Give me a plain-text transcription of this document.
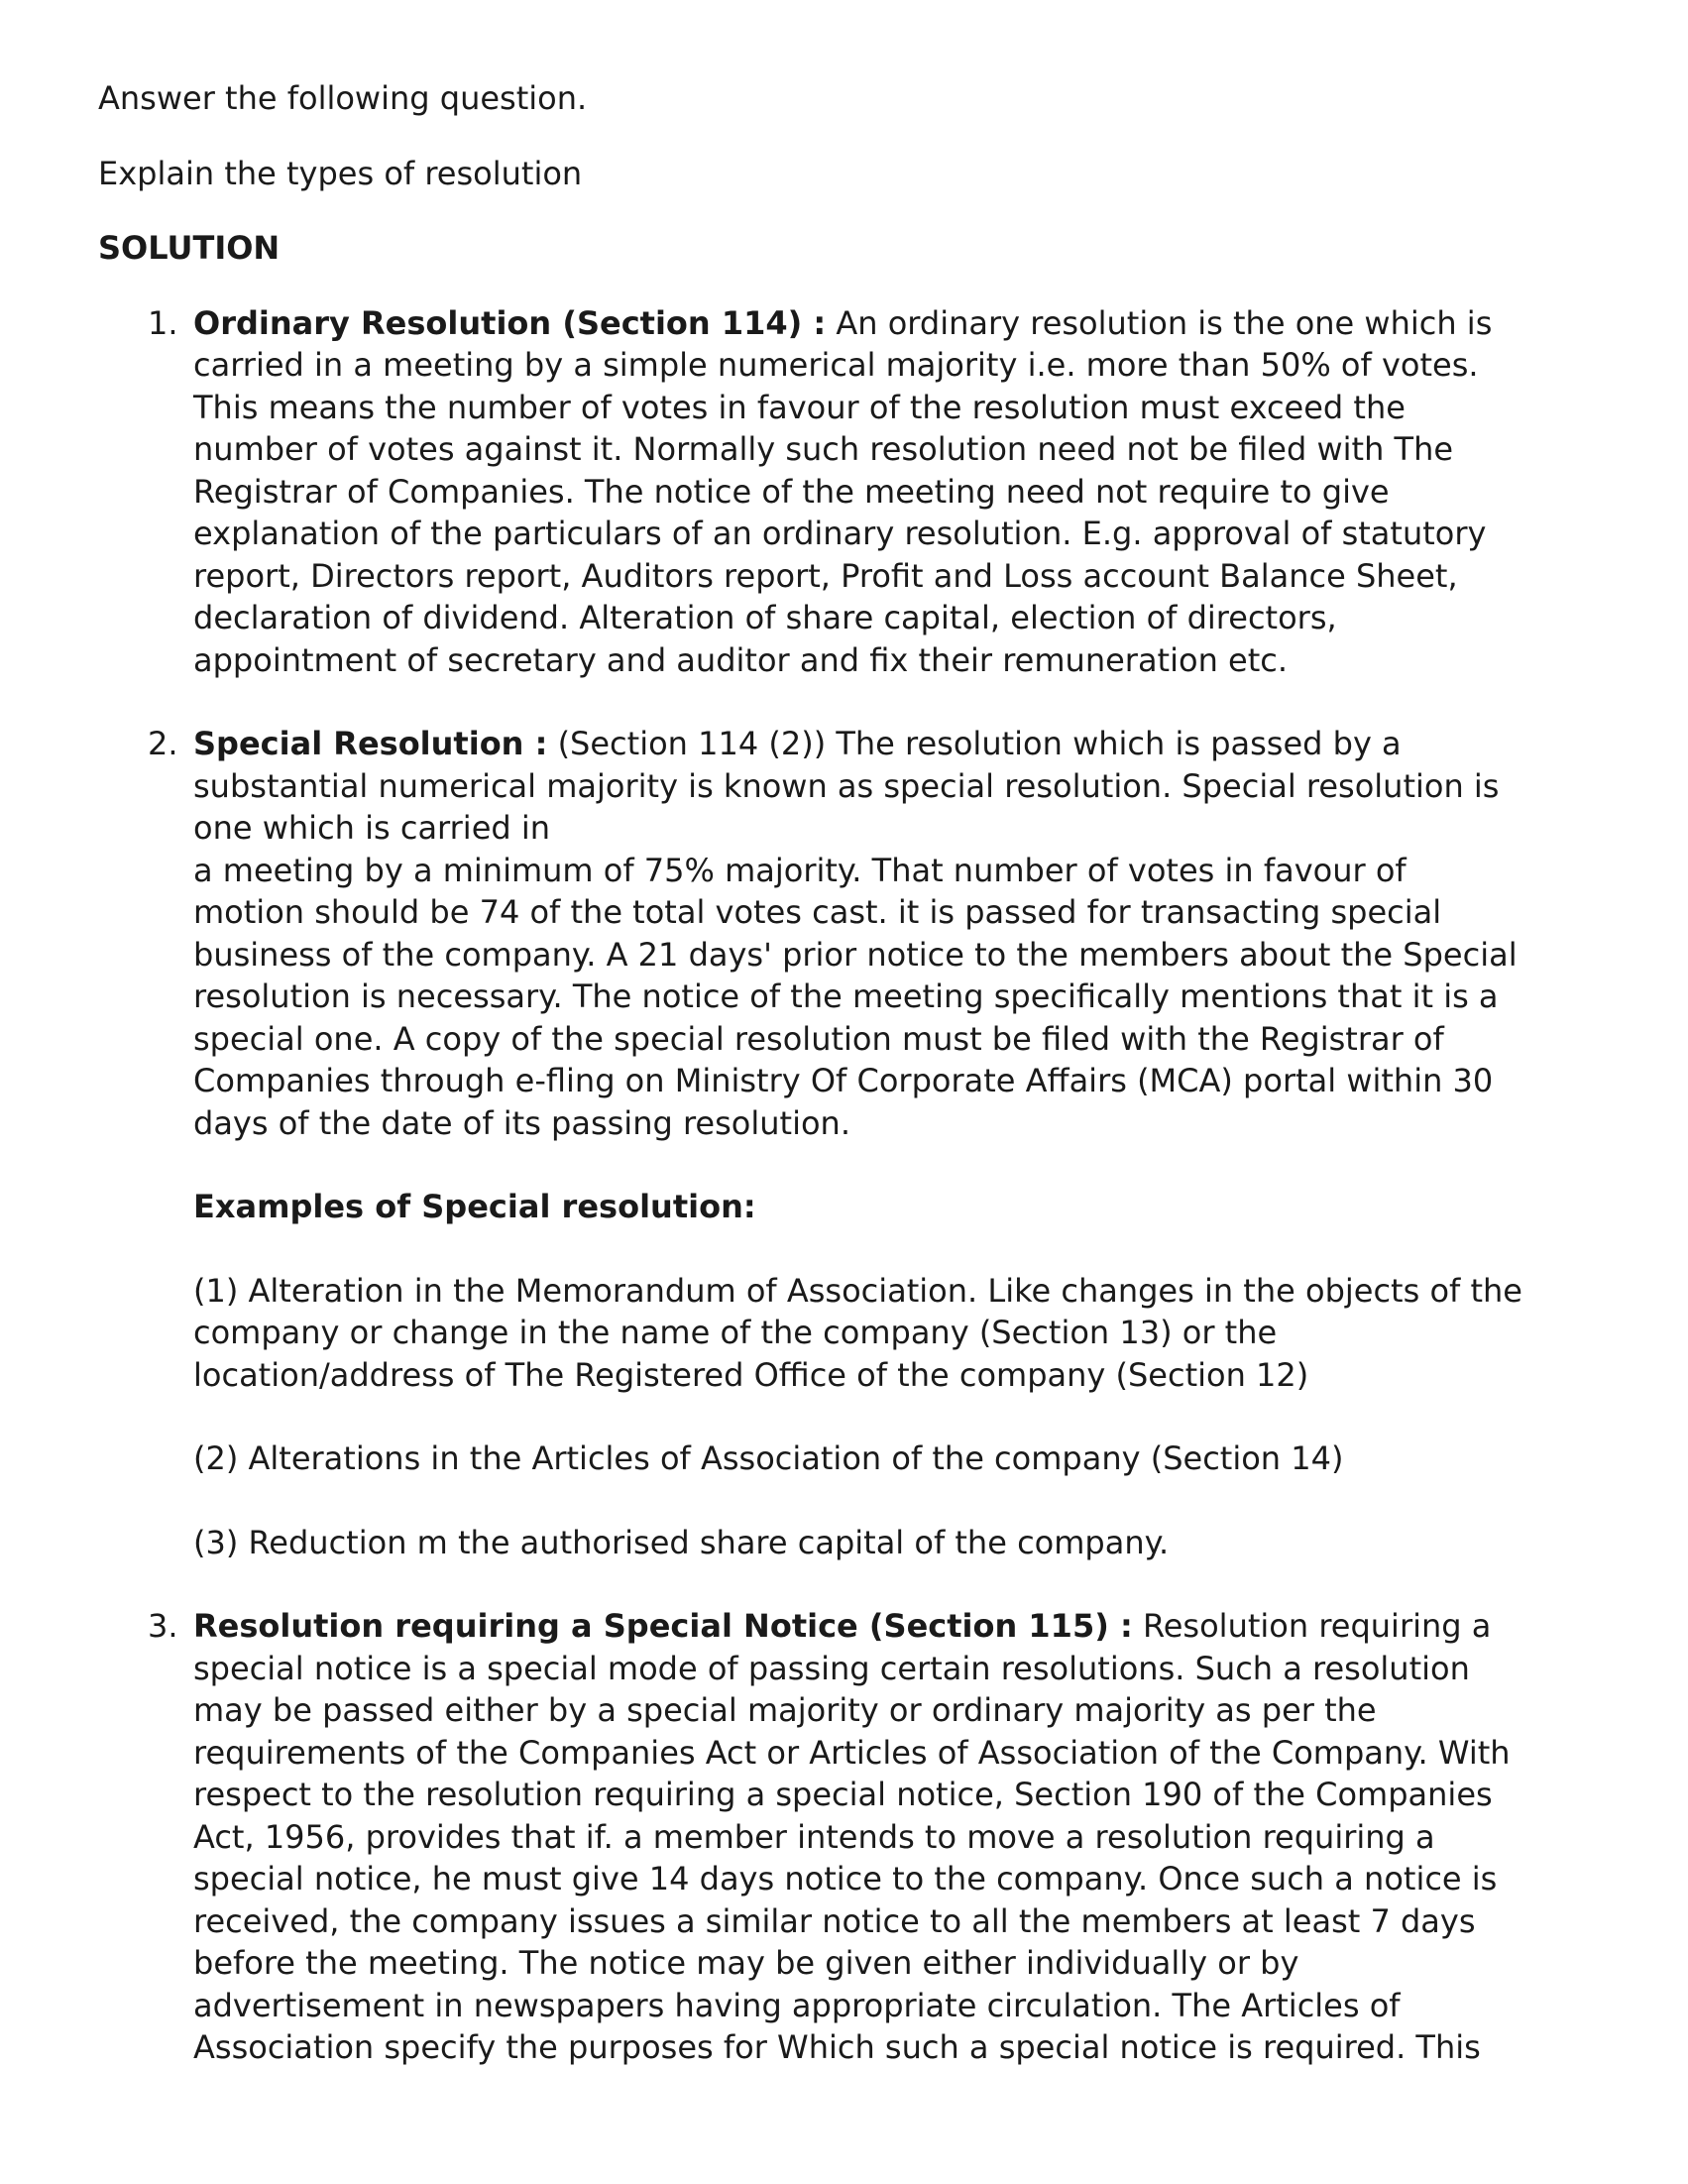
Answer the following question.

Explain the types of resolution

SOLUTION

1. Ordinary Resolution (Section 114) : An ordinary resolution is the one which is
carried in a meeting by a simple numerical majority i.e. more than 50% of votes.
This means the number of votes in favour of the resolution must exceed the
number of votes against it. Normally such resolution need not be filed with The
Registrar of Companies. The notice of the meeting need not require to give
explanation of the particulars of an ordinary resolution. E.g. approval of statutory
report, Directors report, Auditors report, Profit and Loss account Balance Sheet,
declaration of dividend. Alteration of share capital, election of directors,
appointment of secretary and auditor and fix their remuneration etc.
2. Special Resolution : (Section 114 (2)) The resolution which is passed by a
substantial numerical majority is known as special resolution. Special resolution is
one which is carried in
a meeting by a minimum of 75% majority. That number of votes in favour of
motion should be 74 of the total votes cast. it is passed for transacting special
business of the company. A 21 days' prior notice to the members about the Special
resolution is necessary. The notice of the meeting specifically mentions that it is a
special one. A copy of the special resolution must be filed with the Registrar of
Companies through e-fling on Ministry Of Corporate Affairs (MCA) portal within 30
days of the date of its passing resolution.
Examples of Special resolution:
(1) Alteration in the Memorandum of Association. Like changes in the objects of the
company or change in the name of the company (Section 13) or the
location/address of The Registered Office of the company (Section 12)
(2) Alterations in the Articles of Association of the company (Section 14)
(3) Reduction m the authorised share capital of the company.
3. Resolution requiring a Special Notice (Section 115) : Resolution requiring a
special notice is a special mode of passing certain resolutions. Such a resolution
may be passed either by a special majority or ordinary majority as per the
requirements of the Companies Act or Articles of Association of the Company. With
respect to the resolution requiring a special notice, Section 190 of the Companies
Act, 1956, provides that if. a member intends to move a resolution requiring a
special notice, he must give 14 days notice to the company. Once such a notice is
received, the company issues a similar notice to all the members at least 7 days
before the meeting. The notice may be given either individually or by
advertisement in newspapers having appropriate circulation. The Articles of
Association specify the purposes for Which such a special notice is required. This
